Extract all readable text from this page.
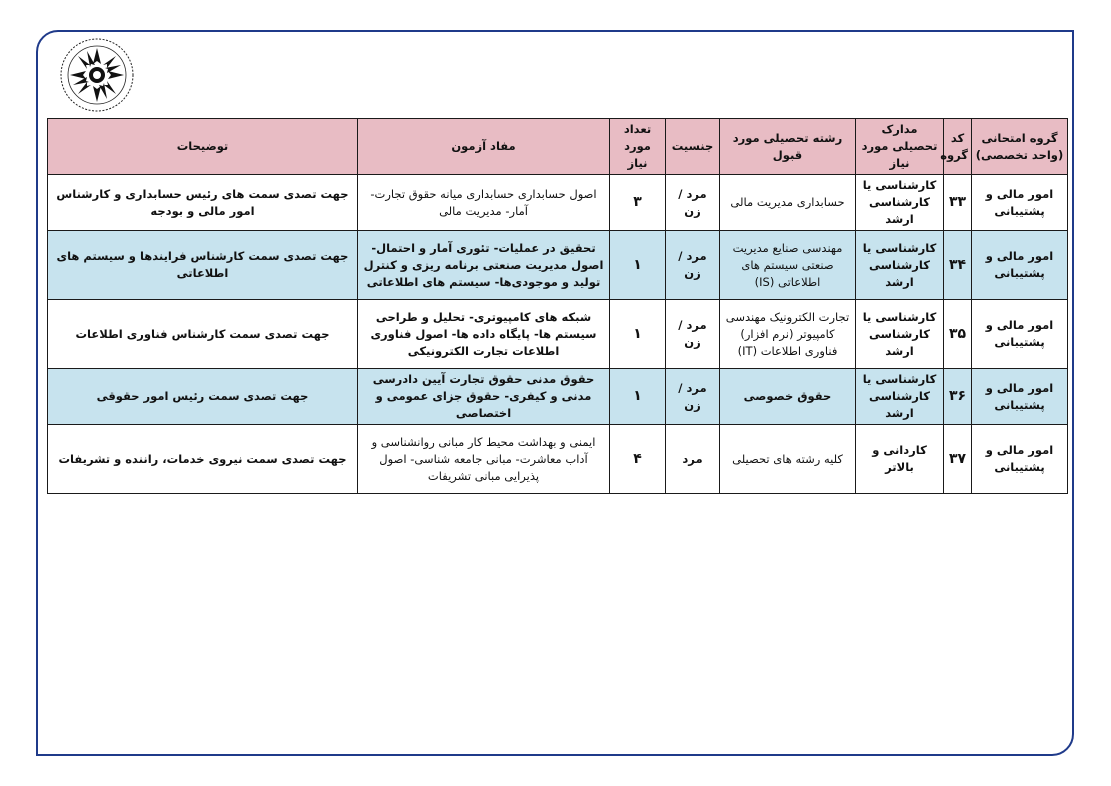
گروه امتحانی (واحد تخصصی)	کد گروه	مدارک تحصیلی مورد نیاز	رشته تحصیلی مورد قبول	جنسیت	تعداد مورد نیاز	مفاد آزمون	توضیحات
امور مالی و پشتیبانی	۳۳	کارشناسی یا کارشناسی ارشد	حسابداری مدیریت مالی	مرد / زن	۳	اصول حسابداری حسابداری میانه حقوق تجارت- آمار- مدیریت مالی	جهت تصدی سمت های رئیس حسابداری و کارشناس امور مالی و بودجه
امور مالی و پشتیبانی	۳۴	کارشناسی یا کارشناسی ارشد	مهندسی صنایع مدیریت صنعتی سیستم های اطلاعاتی (IS)	مرد / زن	۱	تحقیق در عملیات- تئوری آمار و احتمال- اصول مدیریت صنعتی برنامه ریزی و کنترل تولید و موجودی‌ها- سیستم های اطلاعاتی	جهت تصدی سمت کارشناس فرایندها و سیستم های اطلاعاتی
امور مالی و پشتیبانی	۳۵	کارشناسی یا کارشناسی ارشد	تجارت الکترونیک مهندسی کامپیوتر (نرم افزار) فناوری اطلاعات (IT)	مرد / زن	۱	شبکه های کامپیوتری- تحلیل و طراحی سیستم ها- پایگاه داده ها- اصول فناوری اطلاعات تجارت الکترونیکی	جهت تصدی سمت کارشناس فناوری اطلاعات
امور مالی و پشتیبانی	۳۶	کارشناسی یا کارشناسی ارشد	حقوق خصوصی	مرد / زن	۱	حقوق مدنی حقوق تجارت آیین دادرسی مدنی و کیفری- حقوق جزای عمومی و اختصاصی	جهت تصدی سمت رئیس امور حقوقی
امور مالی و پشتیبانی	۳۷	کاردانی و بالاتر	کلیه رشته های تحصیلی	مرد	۴	ایمنی و بهداشت محیط کار مبانی روانشناسی و آداب معاشرت- مبانی جامعه شناسی- اصول پذیرایی مبانی تشریفات	جهت تصدی سمت نیروی خدمات، راننده و تشریفات
